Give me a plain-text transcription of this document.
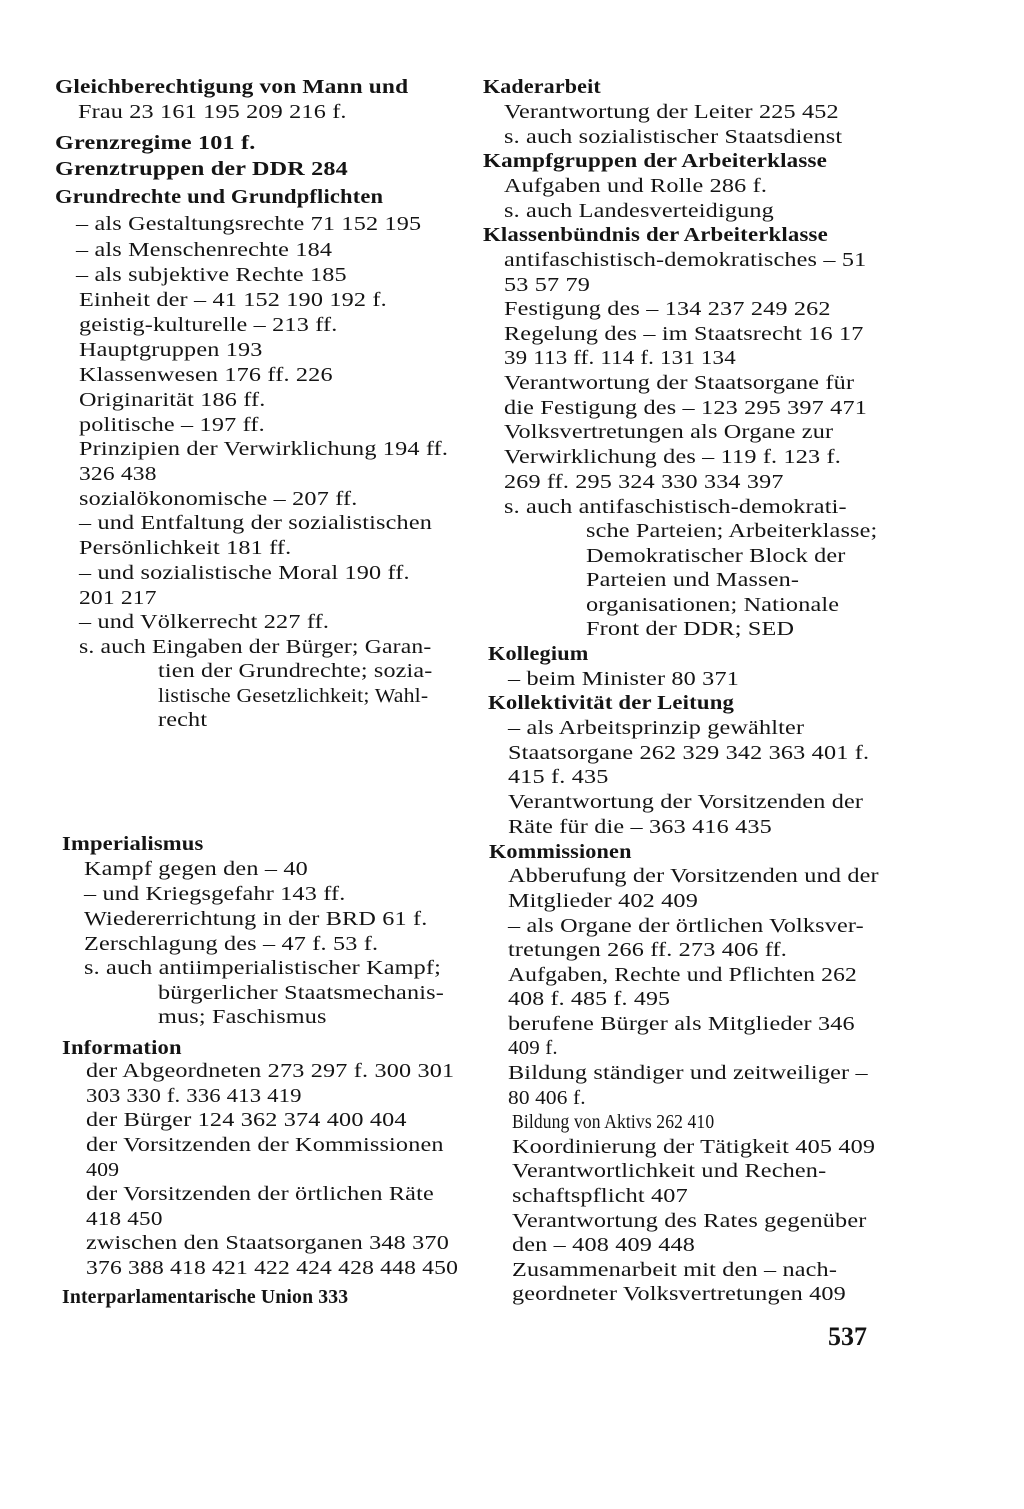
Gleichberechtigung von Mann und
Frau 23 161 195 209 216 f.
Grenzregime 101 f.
Grenztruppen der DDR 284
Grundrechte und Grundpflichten
– als Gestaltungsrechte 71 152 195
– als Menschenrechte 184
– als subjektive Rechte 185
Einheit der – 41 152 190 192 f.
geistig-kulturelle – 213 ff.
Hauptgruppen 193
Klassenwesen 176 ff. 226
Originarität 186 ff.
politische – 197 ff.
Prinzipien der Verwirklichung 194 ff.
326 438
sozialökonomische – 207 ff.
– und Entfaltung der sozialistischen
Persönlichkeit 181 ff.
– und sozialistische Moral 190 ff.
201 217
– und Völkerrecht 227 ff.
s. auch Eingaben der Bürger; Garan-
tien der Grundrechte; sozia-
listische Gesetzlichkeit; Wahl-
recht
Imperialismus
Kampf gegen den – 40
– und Kriegsgefahr 143 ff.
Wiedererrichtung in der BRD 61 f.
Zerschlagung des – 47 f. 53 f.
s. auch antiimperialistischer Kampf;
bürgerlicher Staatsmechanis-
mus; Faschismus
Information
der Abgeordneten 273 297 f. 300 301
303 330 f. 336 413 419
der Bürger 124 362 374 400 404
der Vorsitzenden der Kommissionen
409
der Vorsitzenden der örtlichen Räte
418 450
zwischen den Staatsorganen 348 370
376 388 418 421 422 424 428 448 450
Interparlamentarische Union 333
Kaderarbeit
Verantwortung der Leiter 225 452
s. auch sozialistischer Staatsdienst
Kampfgruppen der Arbeiterklasse
Aufgaben und Rolle 286 f.
s. auch Landesverteidigung
Klassenbündnis der Arbeiterklasse
antifaschistisch-demokratisches – 51
53 57 79
Festigung des – 134 237 249 262
Regelung des – im Staatsrecht 16 17
39 113 ff. 114 f. 131 134
Verantwortung der Staatsorgane für
die Festigung des – 123 295 397 471
Volksvertretungen als Organe zur
Verwirklichung des – 119 f. 123 f.
269 ff. 295 324 330 334 397
s. auch antifaschistisch-demokrati-
sche Parteien; Arbeiterklasse;
Demokratischer Block der
Parteien und Massen-
organisationen; Nationale
Front der DDR; SED
Kollegium
– beim Minister 80 371
Kollektivität der Leitung
– als Arbeitsprinzip gewählter
Staatsorgane 262 329 342 363 401 f.
415 f. 435
Verantwortung der Vorsitzenden der
Räte für die – 363 416 435
Kommissionen
Abberufung der Vorsitzenden und der
Mitglieder 402 409
– als Organe der örtlichen Volksver-
tretungen 266 ff. 273 406 ff.
Aufgaben, Rechte und Pflichten 262
408 f. 485 f. 495
berufene Bürger als Mitglieder 346
409 f.
Bildung ständiger und zeitweiliger –
80 406 f.
Bildung von Aktivs 262 410
Koordinierung der Tätigkeit 405 409
Verantwortlichkeit und Rechen-
schaftspflicht 407
Verantwortung des Rates gegenüber
den – 408 409 448
Zusammenarbeit mit den – nach-
geordneter Volksvertretungen 409
537
